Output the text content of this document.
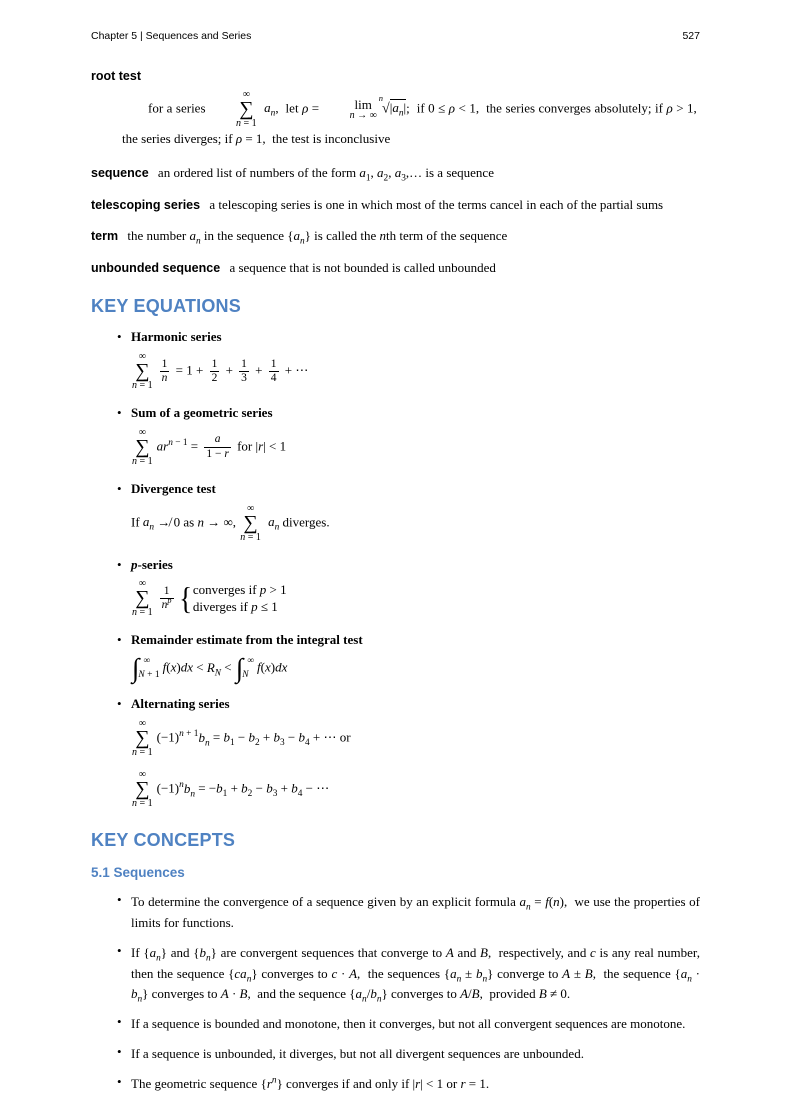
Chapter 5 | Sequences and Series	527
root test
for a series
∞
∑
n = 1
$a_n$,  let ρ =	lim
n → ∞
$^n√|a_n|$;  if 0 ≤ ρ < 1,  the series converges absolutely; if ρ > 1,  the series diverges; if ρ = 1,  the test is inconclusive
sequence an ordered list of numbers of the form $a_1$, $a_2$, $a_3,\dots$ is a sequence
telescoping series a telescoping series is one in which most of the terms cancel in each of the partial sums
term the number $a_n$ in the sequence $\{a_n\}$ is called the nth term of the sequence
unbounded sequence a sequence that is not bounded is called unbounded
KEY EQUATIONS
• Harmonic series
∞
∑
n = 1
$\frac{1}{n} = 1 + \frac{1}{2} + \frac{1}{3} + \frac{1}{4}$ + ⋯
• Sum of a geometric series
∞
∑
n = 1
$ar^{n - 1} = \frac{a}{1 - r}$ for |r| < 1
• Divergence test
If $a_n$ ↛ 0 as n → ∞,
∞
∑
n = 1
$a_n$ diverges.
• p-series
∞
∑
n = 1
$\frac{1}{n^p}$ { converges if p > 1
diverges if p ≤ 1
• Remainder estimate from the integral test
∫ ∞
N + 1
$f(x)dx < R_N$ < ∫ ∞
N
f(x)dx
• Alternating series
∞
∑
n = 1
$(-1)^{n + 1}b_n = b_1 - b_2 + b_3 - b_4$ + ⋯ or
∞
∑
n = 1
$(-1)^nb_n = -b_1 + b_2 - b_3 + b_4$ − ⋯
KEY CONCEPTS
5.1 Sequences
• To determine the convergence of a sequence given by an explicit formula $a_n = f(n)$,  we use the properties of limits for functions.
• If $\{a_n\}$ and $\{b_n\}$ are convergent sequences that converge to A and B,  respectively, and c is any real number, then the sequence $\{ca_n\}$ converges to c · A,  the sequences $\{a_n \pm b_n\}$ converge to A ± B,  the sequence $\{a_n \cdot b_n\}$ converges to A · B,  and the sequence $\{a_n/b_n\}$ converges to A/B,  provided B ≠ 0.
• If a sequence is bounded and monotone, then it converges, but not all convergent sequences are monotone.
• If a sequence is unbounded, it diverges, but not all divergent sequences are unbounded.
• The geometric sequence $\{r^n\}$ converges if and only if |r| < 1 or r = 1.
